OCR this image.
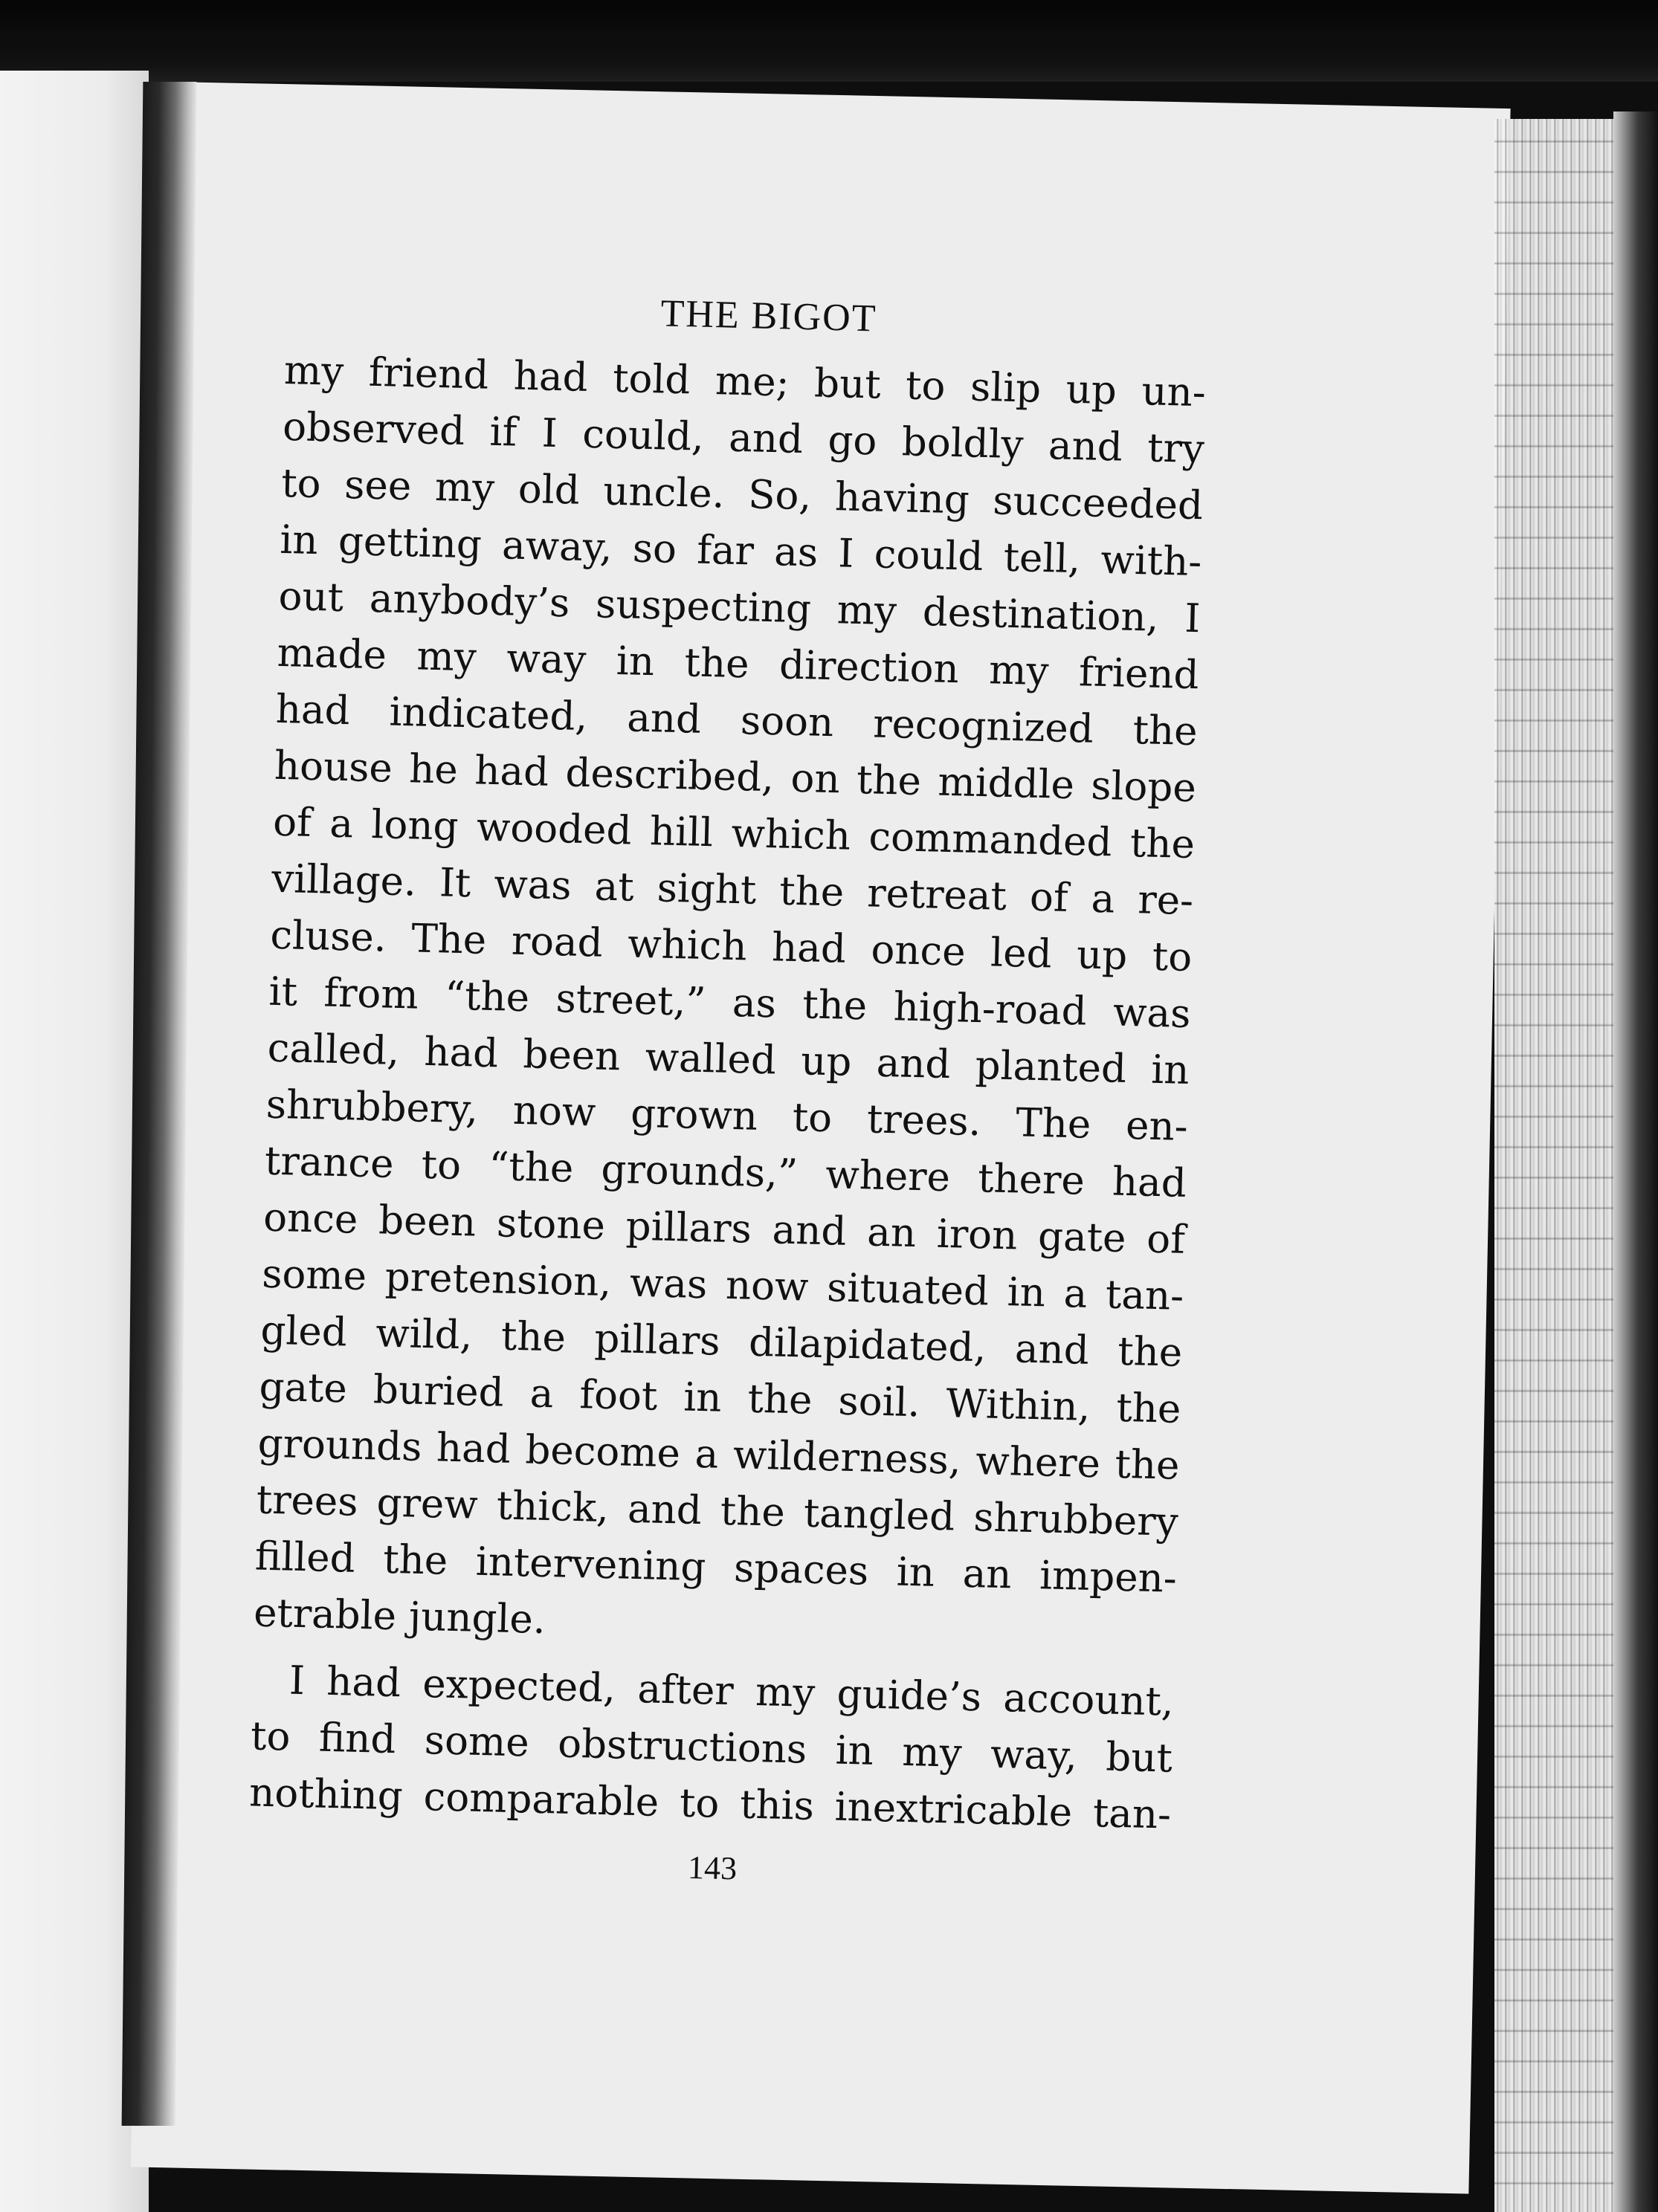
THE BIGOT
my friend had told me; but to slip up un-
observed if I could, and go boldly and try
to see my old uncle. So, having succeeded
in getting away, so far as I could tell, with-
out anybody’s suspecting my destination, I
made my way in the direction my friend
had indicated, and soon recognized the
house he had described, on the middle slope
of a long wooded hill which commanded the
village. It was at sight the retreat of a re-
cluse. The road which had once led up to
it from “the street,” as the high-road was
called, had been walled up and planted in
shrubbery, now grown to trees. The en-
trance to “the grounds,” where there had
once been stone pillars and an iron gate of
some pretension, was now situated in a tan-
gled wild, the pillars dilapidated, and the
gate buried a foot in the soil. Within, the
grounds had become a wilderness, where the
trees grew thick, and the tangled shrubbery
filled the intervening spaces in an impen-
etrable jungle.
I had expected, after my guide’s account,
to find some obstructions in my way, but
nothing comparable to this inextricable tan-
143
